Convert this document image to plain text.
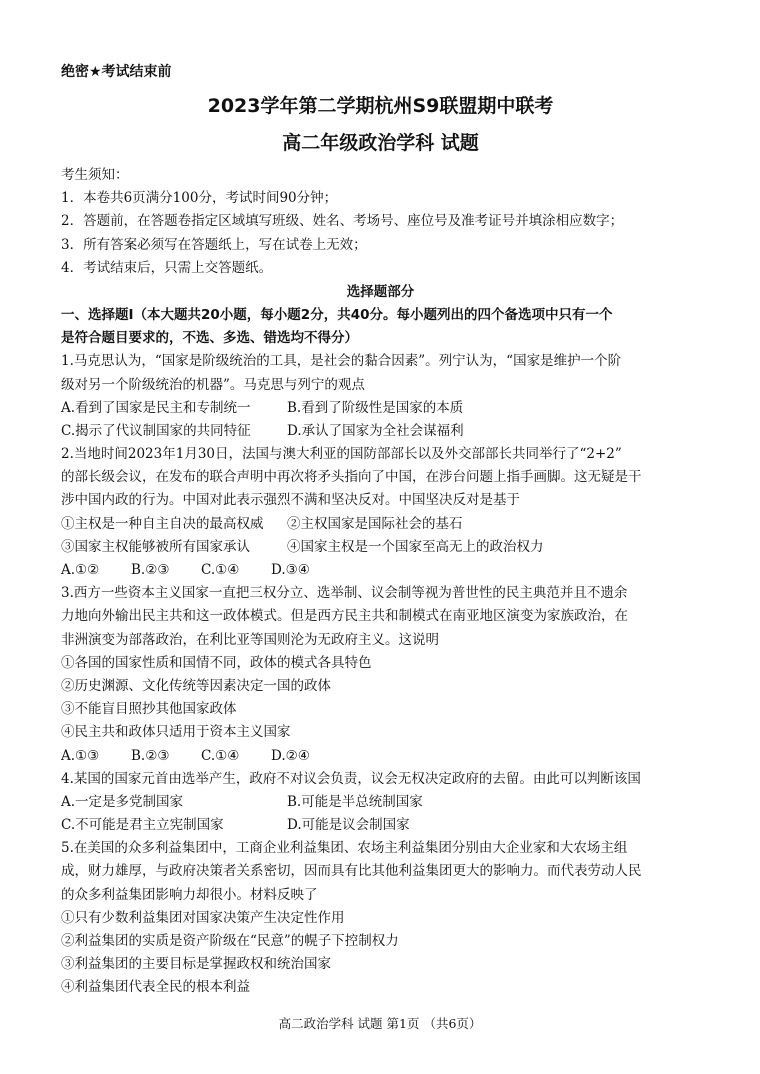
绝密★考试结束前
2023学年第二学期杭州S9联盟期中联考
高二年级政治学科 试题
考生须知：
1．本卷共6页满分100分，考试时间90分钟；
2．答题前，在答题卷指定区域填写班级、姓名、考场号、座位号及准考证号并填涂相应数字；
3．所有答案必须写在答题纸上，写在试卷上无效；
4．考试结束后，只需上交答题纸。
选择题部分
一、选择题Ⅰ（本大题共20小题，每小题2分，共40分。每小题列出的四个备选项中只有一个
是符合题目要求的，不选、多选、错选均不得分）
1.马克思认为，“国家是阶级统治的工具，是社会的黏合因素”。列宁认为，“国家是维护一个阶
级对另一个阶级统治的机器”。马克思与列宁的观点
A.看到了国家是民主和专制统一	B.看到了阶级性是国家的本质
C.揭示了代议制国家的共同特征	D.承认了国家为全社会谋福利
2.当地时间2023年1月30日，法国与澳大利亚的国防部部长以及外交部部长共同举行了“2+2”
的部长级会议，在发布的联合声明中再次将矛头指向了中国，在涉台问题上指手画脚。这无疑是干
涉中国内政的行为。中国对此表示强烈不满和坚决反对。中国坚决反对是基于
①主权是一种自主自决的最高权威	②主权国家是国际社会的基石
③国家主权能够被所有国家承认	④国家主权是一个国家至高无上的政治权力
A.①②	B.②③	C.①④	D.③④
3.西方一些资本主义国家一直把三权分立、选举制、议会制等视为普世性的民主典范并且不遗余
力地向外输出民主共和这一政体模式。但是西方民主共和制模式在南亚地区演变为家族政治，在
非洲演变为部落政治，在利比亚等国则沦为无政府主义。这说明
①各国的国家性质和国情不同，政体的模式各具特色
②历史渊源、文化传统等因素决定一国的政体
③不能盲目照抄其他国家政体
④民主共和政体只适用于资本主义国家
A.①③	B.②③	C.①④	D.②④
4.某国的国家元首由选举产生，政府不对议会负责，议会无权决定政府的去留。由此可以判断该国
A.一定是多党制国家	B.可能是半总统制国家
C.不可能是君主立宪制国家	D.可能是议会制国家
5.在美国的众多利益集团中，工商企业利益集团、农场主利益集团分别由大企业家和大农场主组
成，财力雄厚，与政府决策者关系密切，因而具有比其他利益集团更大的影响力。而代表劳动人民
的众多利益集团影响力却很小。材料反映了
①只有少数利益集团对国家决策产生决定性作用
②利益集团的实质是资产阶级在“民意”的幌子下控制权力
③利益集团的主要目标是掌握政权和统治国家
④利益集团代表全民的根本利益
高二政治学科 试题 第1页 （共6页）
